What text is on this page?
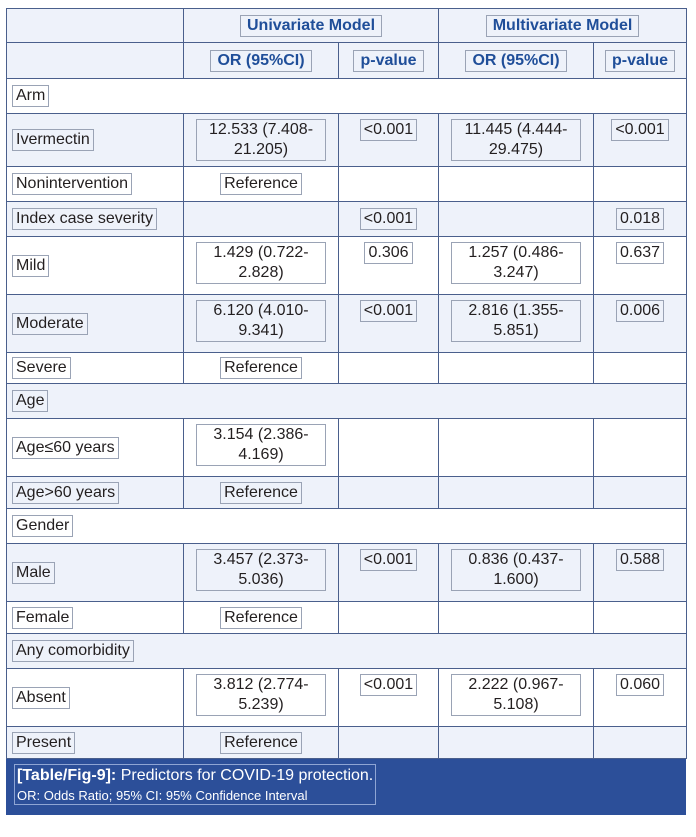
	Univariate Model		Multivariate Model	
	OR (95%CI)	p-value	OR (95%CI)	p-value
Arm				
Ivermectin	12.533 (7.408-21.205)	<0.001	11.445 (4.444-29.475)	<0.001
Nonintervention	Reference			
Index case severity		<0.001		0.018
Mild	1.429 (0.722-2.828)	0.306	1.257 (0.486-3.247)	0.637
Moderate	6.120 (4.010-9.341)	<0.001	2.816 (1.355-5.851)	0.006
Severe	Reference			
Age				
Age≤60 years	3.154 (2.386-4.169)			
Age>60 years	Reference			
Gender				
Male	3.457 (2.373-5.036)	<0.001	0.836 (0.437-1.600)	0.588
Female	Reference			
Any comorbidity				
Absent	3.812 (2.774-5.239)	<0.001	2.222 (0.967-5.108)	0.060
Present	Reference			
[Table/Fig-9]: Predictors for COVID-19 protection.
OR: Odds Ratio; 95% CI: 95% Confidence Interval
